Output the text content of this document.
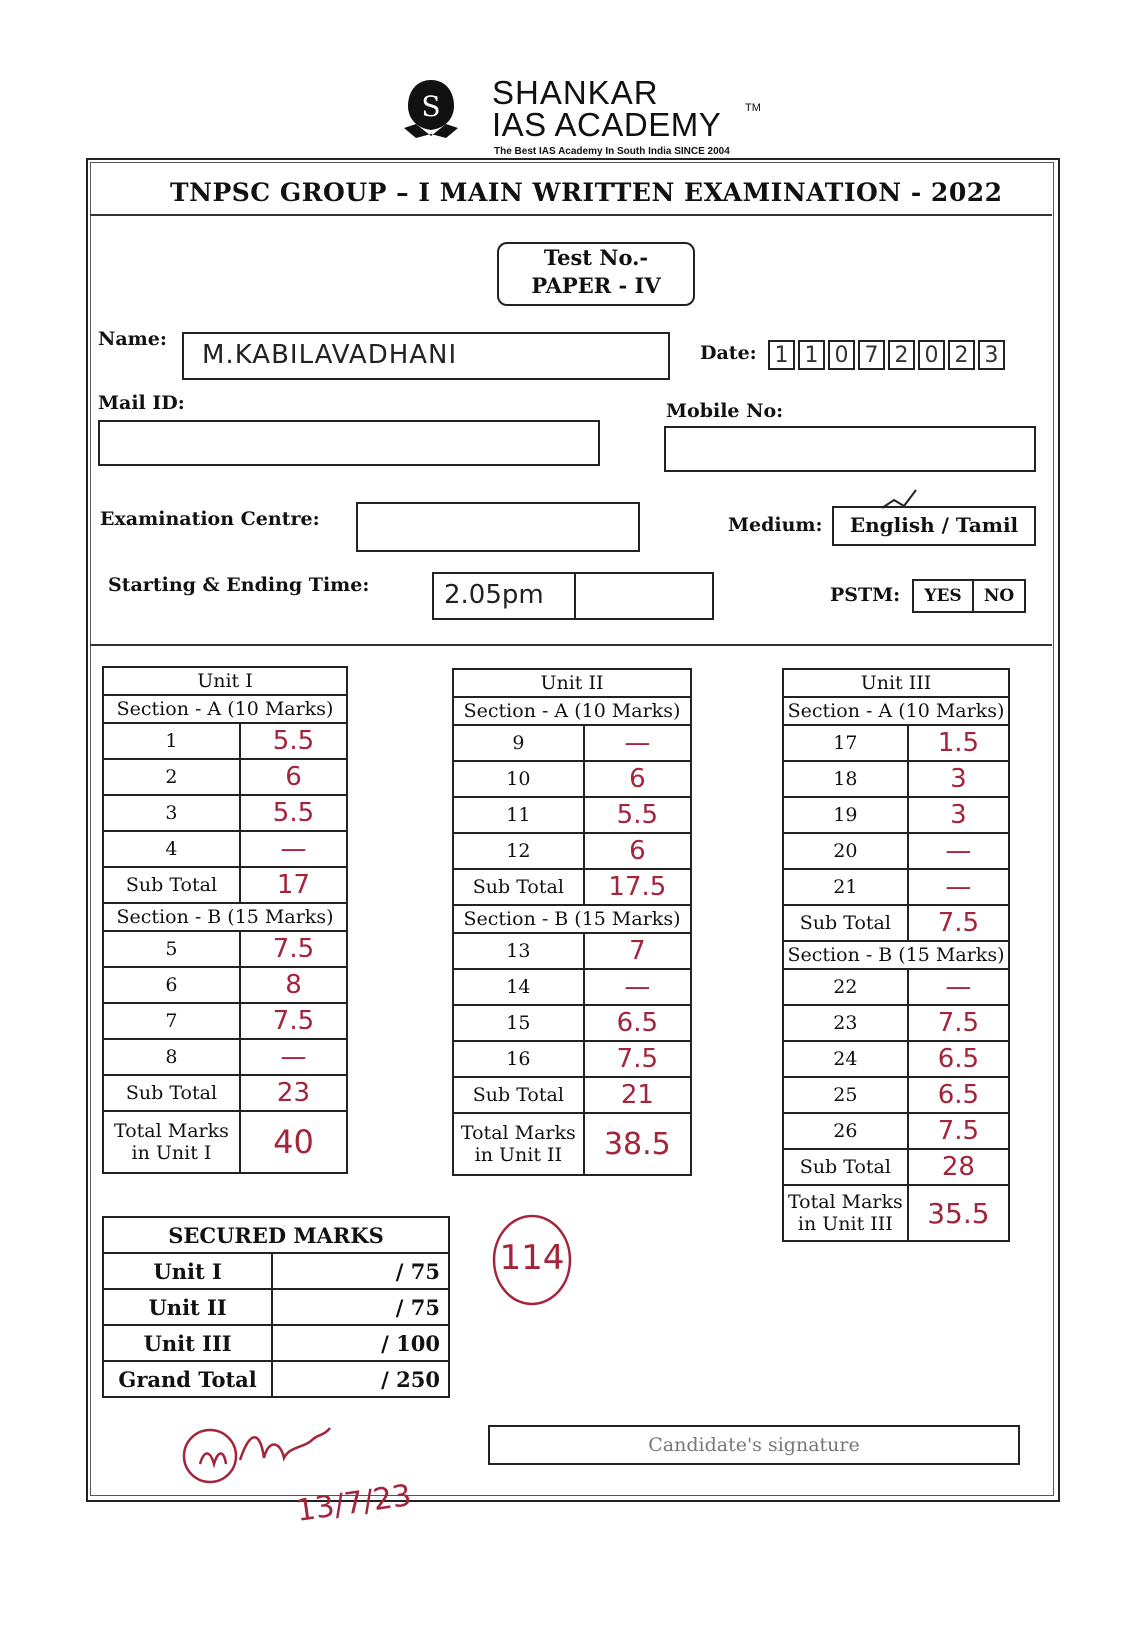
S SHANKAR
IAS ACADEMY TM
The Best IAS Academy In South India SINCE 2004
TNPSC GROUP – I MAIN WRITTEN EXAMINATION - 2022
Test No.-
PAPER - IV
Name:
M.KABILAVADHANI	Date: 1 1 0 7 2 0 2 3
Mail ID:	Mobile No:
Examination Centre:	Medium:	English / Tamil
Starting & Ending Time:	2.05pm	PSTM:	YES	NO
Unit I	
Section - A (10 Marks)	
1	5.5
2	6
3	5.5
4	—
Sub Total	17
Section - B (15 Marks)	
5	7.5
6	8
7	7.5
8	—
Sub Total	23
Total Marks
in Unit I	40
Unit II	
Section - A (10 Marks)	
9	—
10	6
11	5.5
12	6
Sub Total	17.5
Section - B (15 Marks)	
13	7
14	—
15	6.5
16	7.5
Sub Total	21
Total Marks
in Unit II	38.5
Unit III	
Section - A (10 Marks)	
17	1.5
18	3
19	3
20	—
21	—
Sub Total	7.5
Section - B (15 Marks)	
22	—
23	7.5
24	6.5
25	6.5
26	7.5
Sub Total	28
Total Marks
in Unit III	35.5
SECURED MARKS	
Unit I	/ 75
Unit II	/ 75
Unit III	/ 100
Grand Total	/ 250
114
13/7/23
Candidate's signature
